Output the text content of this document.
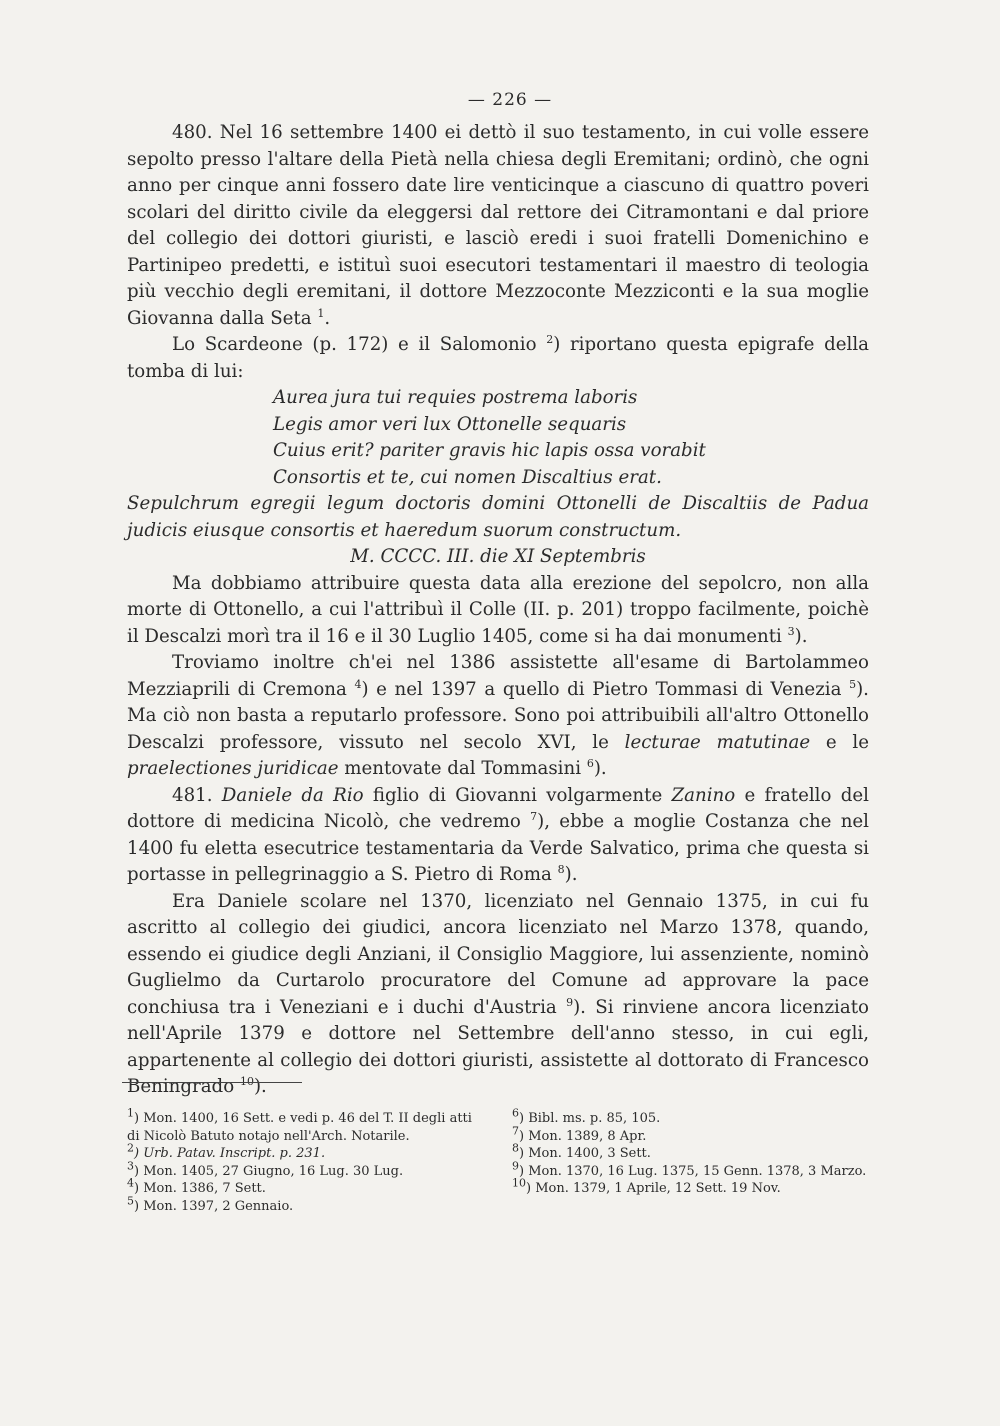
— 226 —

480. Nel 16 settembre 1400 ei dettò il suo testamento, in cui volle essere sepolto presso l'altare della Pietà nella chiesa degli Eremitani; ordinò, che ogni anno per cinque anni fossero date lire venticinque a ciascuno di quattro poveri scolari del diritto civile da eleggersi dal rettore dei Citramontani e dal priore del collegio dei dottori giuristi, e lasciò eredi i suoi fratelli Domenichino e Partinipeo predetti, e istituì suoi esecutori testamentari il maestro di teologia più vecchio degli eremitani, il dottore Mezzoconte Mezziconti e la sua moglie Giovanna dalla Seta $^1$.

Lo Scardeone (p. 172) e il Salomonio $^2$) riportano questa epigrafe della tomba di lui:

Aurea jura tui requies postrema laboris
Legis amor veri lux Ottonelle sequaris
Cuius erit? pariter gravis hic lapis ossa vorabit
Consortis et te, cui nomen Discaltius erat.

Sepulchrum egregii legum doctoris domini Ottonelli de Discaltiis de Padua judicis eiusque consortis et haeredum suorum constructum.

M. CCCC. III. die XI Septembris

Ma dobbiamo attribuire questa data alla erezione del sepolcro, non alla morte di Ottonello, a cui l'attribuì il Colle (II. p. 201) troppo facilmente, poichè il Descalzi morì tra il 16 e il 30 Luglio 1405, come si ha dai monumenti $^3$).

Troviamo inoltre ch'ei nel 1386 assistette all'esame di Bartolammeo Mezziaprili di Cremona $^4$) e nel 1397 a quello di Pietro Tommasi di Venezia $^5$). Ma ciò non basta a reputarlo professore. Sono poi attribuibili all'altro Ottonello Descalzi professore, vissuto nel secolo XVI, le lecturae matutinae e le praelectiones juridicae mentovate dal Tommasini $^6$).

481. Daniele da Rio figlio di Giovanni volgarmente Zanino e fratello del dottore di medicina Nicolò, che vedremo $^7$), ebbe a moglie Costanza che nel 1400 fu eletta esecutrice testamentaria da Verde Salvatico, prima che questa si portasse in pellegrinaggio a S. Pietro di Roma $^8$).

Era Daniele scolare nel 1370, licenziato nel Gennaio 1375, in cui fu ascritto al collegio dei giudici, ancora licenziato nel Marzo 1378, quando, essendo ei giudice degli Anziani, il Consiglio Maggiore, lui assenziente, nominò Guglielmo da Curtarolo procuratore del Comune ad approvare la pace conchiusa tra i Veneziani e i duchi d'Austria $^9$). Si rinviene ancora licenziato nell'Aprile 1379 e dottore nel Settembre dell'anno stesso, in cui egli, appartenente al collegio dei dottori giuristi, assistette al dottorato di Francesco Beningrado $^{10}$).

$^1$) Mon. 1400, 16 Sett. e vedi p. 46 del T. II degli atti di Nicolò Batuto notajo nell'Arch. Notarile.
$^2$) Urb. Patav. Inscript. p. 231.
$^3$) Mon. 1405, 27 Giugno, 16 Lug. 30 Lug.
$^4$) Mon. 1386, 7 Sett.
$^5$) Mon. 1397, 2 Gennaio.
$^6$) Bibl. ms. p. 85, 105.
$^7$) Mon. 1389, 8 Apr.
$^8$) Mon. 1400, 3 Sett.
$^9$) Mon. 1370, 16 Lug. 1375, 15 Genn. 1378, 3 Marzo.
$^{10}$) Mon. 1379, 1 Aprile, 12 Sett. 19 Nov.
